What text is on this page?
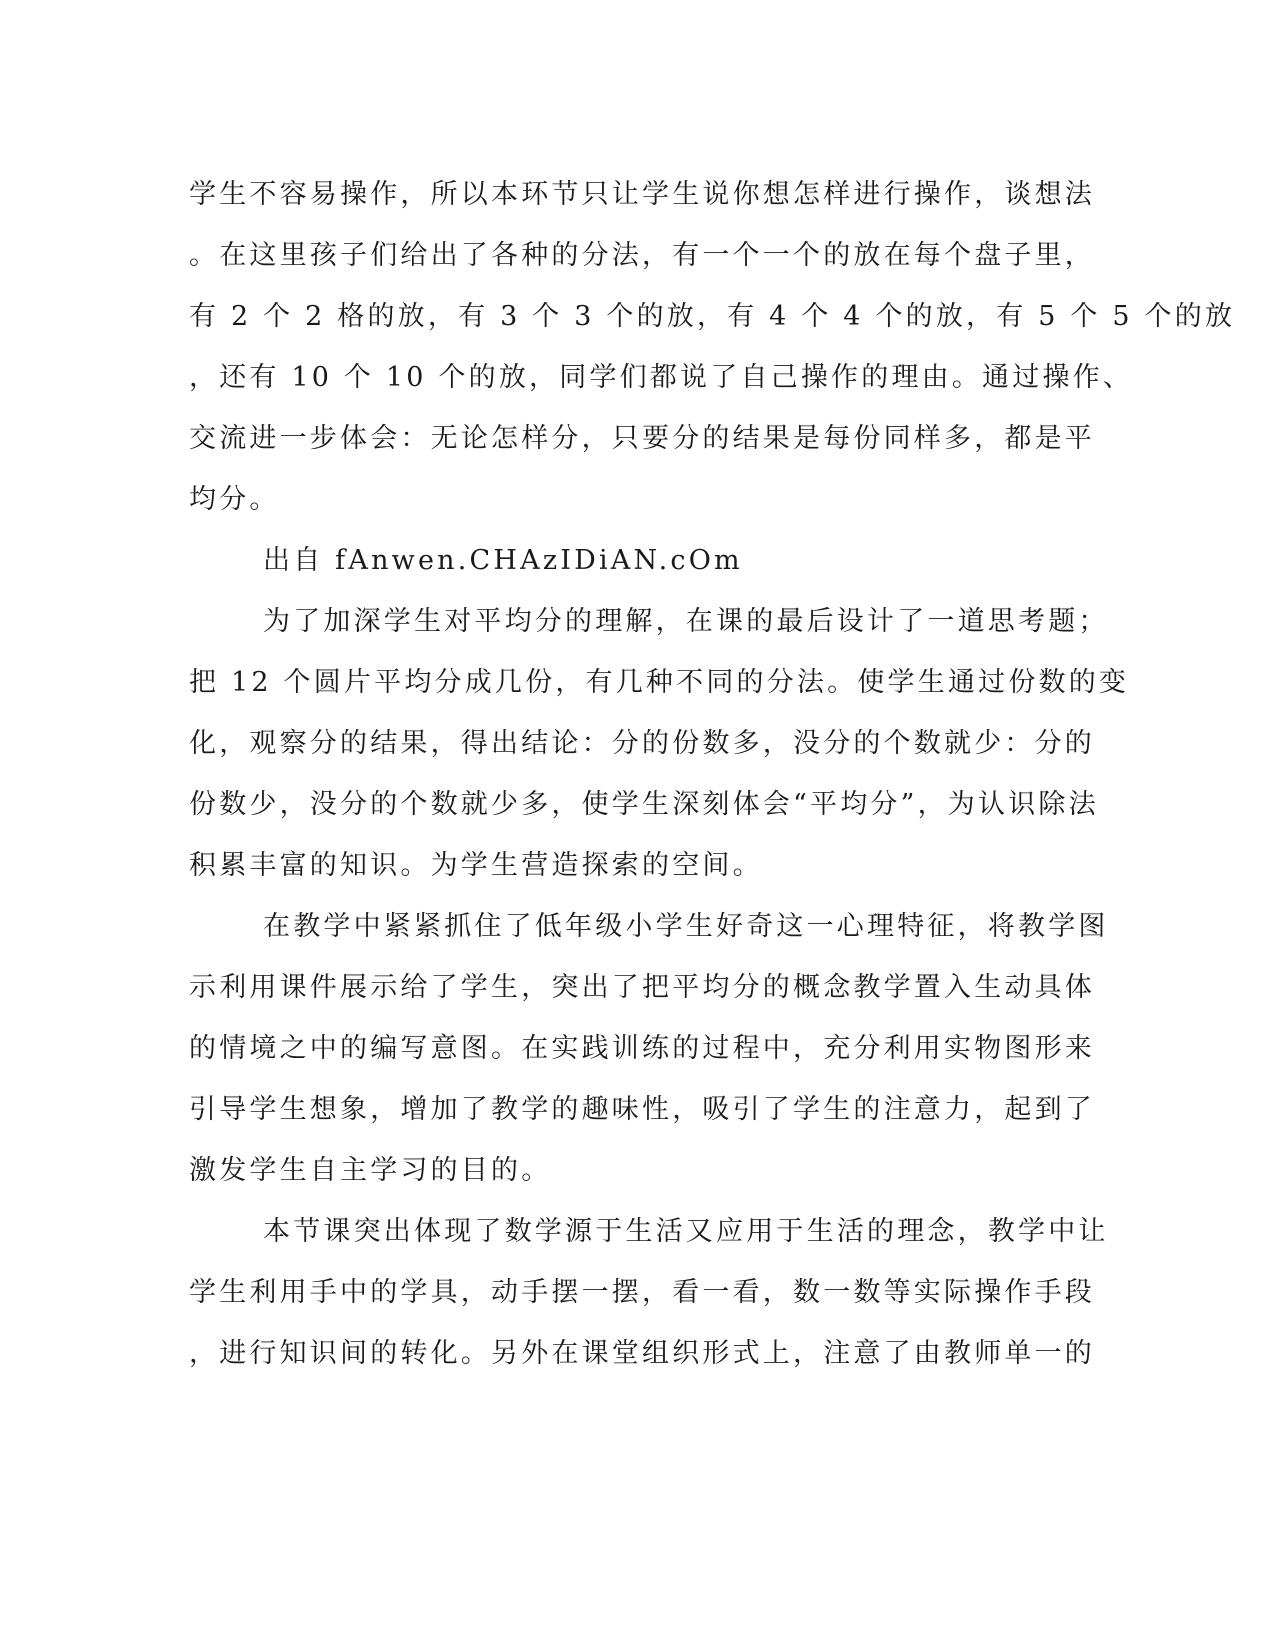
学生不容易操作，所以本环节只让学生说你想怎样进行操作，谈想法
。在这里孩子们给出了各种的分法，有一个一个的放在每个盘子里，
有 2 个 2 格的放，有 3 个 3 个的放，有 4 个 4 个的放，有 5 个 5 个的放
，还有 10 个 10 个的放，同学们都说了自己操作的理由。通过操作、
交流进一步体会：无论怎样分，只要分的结果是每份同样多，都是平
均分。
出自 fAnwen.CHAzIDiAN.cOm
为了加深学生对平均分的理解，在课的最后设计了一道思考题；
把 12 个圆片平均分成几份，有几种不同的分法。使学生通过份数的变
化，观察分的结果，得出结论：分的份数多，没分的个数就少：分的
份数少，没分的个数就少多，使学生深刻体会“平均分”，为认识除法
积累丰富的知识。为学生营造探索的空间。
在教学中紧紧抓住了低年级小学生好奇这一心理特征，将教学图
示利用课件展示给了学生，突出了把平均分的概念教学置入生动具体
的情境之中的编写意图。在实践训练的过程中，充分利用实物图形来
引导学生想象，增加了教学的趣味性，吸引了学生的注意力，起到了
激发学生自主学习的目的。
本节课突出体现了数学源于生活又应用于生活的理念，教学中让
学生利用手中的学具，动手摆一摆，看一看，数一数等实际操作手段
，进行知识间的转化。另外在课堂组织形式上，注意了由教师单一的
